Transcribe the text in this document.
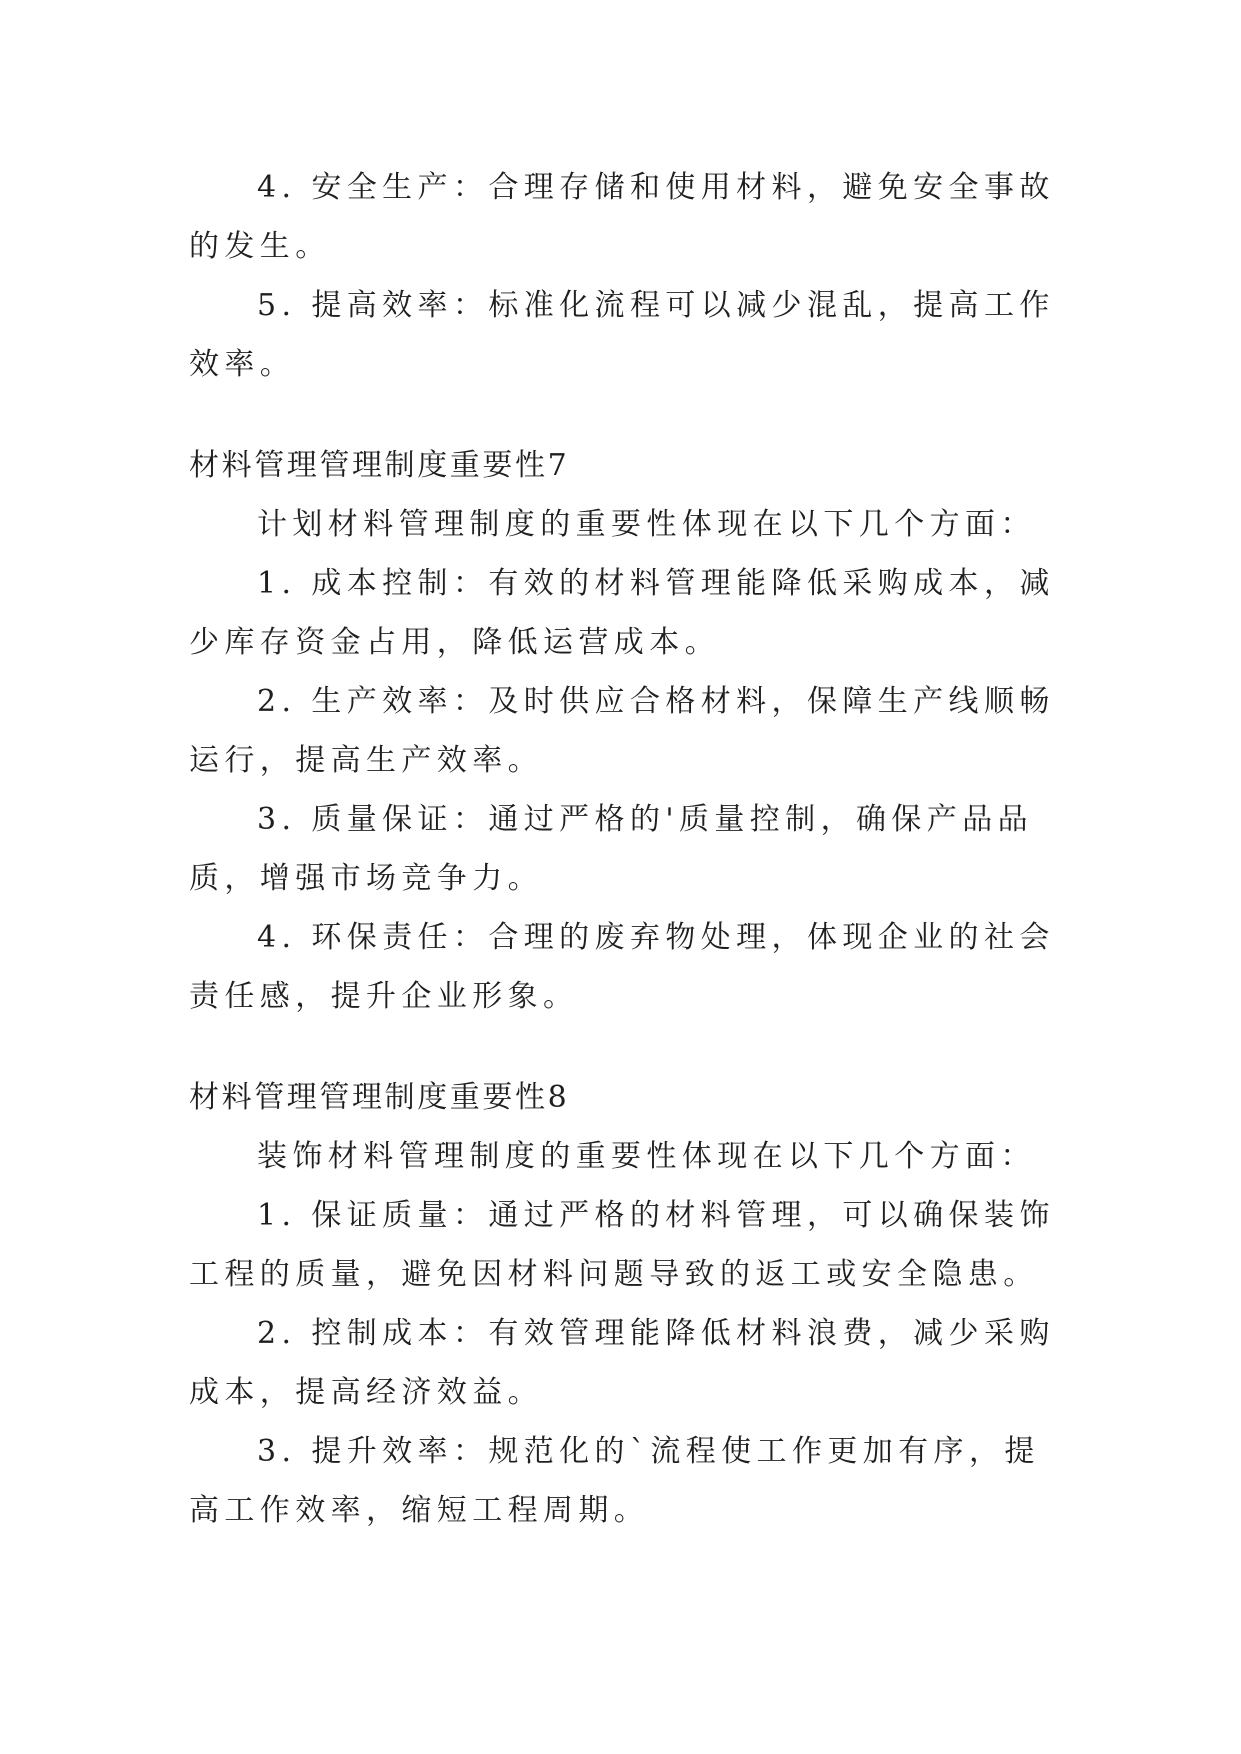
4. 安全生产：合理存储和使用材料，避免安全事故的发生。

5. 提高效率：标准化流程可以减少混乱，提高工作效率。

材料管理管理制度重要性7

计划材料管理制度的重要性体现在以下几个方面：

1. 成本控制：有效的材料管理能降低采购成本，减少库存资金占用，降低运营成本。

2. 生产效率：及时供应合格材料，保障生产线顺畅运行，提高生产效率。

3. 质量保证：通过严格的'质量控制，确保产品品质，增强市场竞争力。

4. 环保责任：合理的废弃物处理，体现企业的社会责任感，提升企业形象。

材料管理管理制度重要性8

装饰材料管理制度的重要性体现在以下几个方面：

1. 保证质量：通过严格的材料管理，可以确保装饰工程的质量，避免因材料问题导致的返工或安全隐患。

2. 控制成本：有效管理能降低材料浪费，减少采购成本，提高经济效益。

3. 提升效率：规范化的`流程使工作更加有序，提高工作效率，缩短工程周期。
